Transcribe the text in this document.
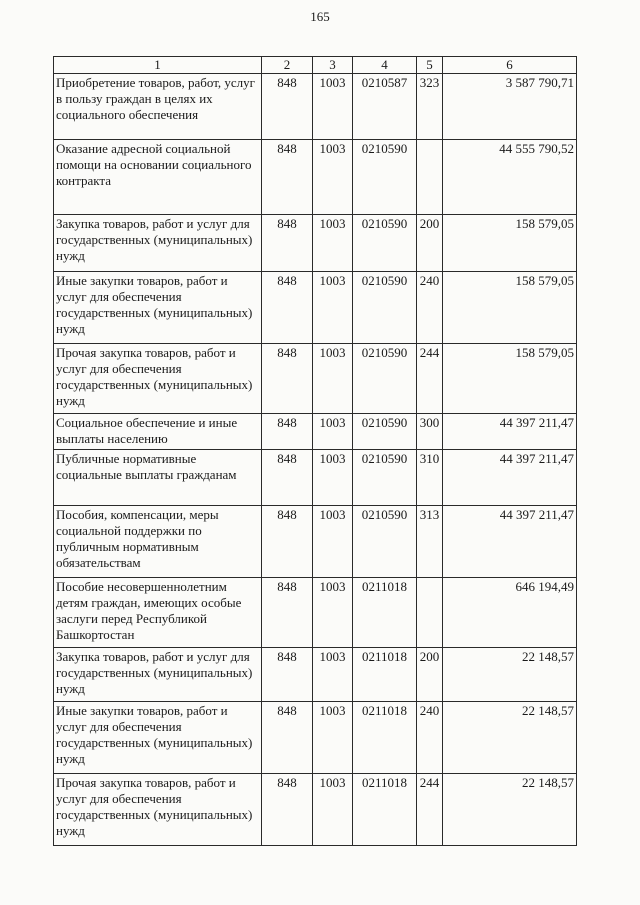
165
1	2	3	4	5	6
Приобретение товаров, работ, услуг в пользу граждан в целях их социального обеспечения	848	1003	0210587	323	3 587 790,71
Оказание адресной социальной помощи на основании социального контракта	848	1003	0210590		44 555 790,52
Закупка товаров, работ и услуг для государственных (муниципальных) нужд	848	1003	0210590	200	158 579,05
Иные закупки товаров, работ и услуг для обеспечения государственных (муниципальных) нужд	848	1003	0210590	240	158 579,05
Прочая закупка товаров, работ и услуг для обеспечения государственных (муниципальных) нужд	848	1003	0210590	244	158 579,05
Социальное обеспечение и иные выплаты населению	848	1003	0210590	300	44 397 211,47
Публичные нормативные социальные выплаты гражданам	848	1003	0210590	310	44 397 211,47
Пособия, компенсации, меры социальной поддержки по публичным нормативным обязательствам	848	1003	0210590	313	44 397 211,47
Пособие несовершеннолетним детям граждан, имеющих особые заслуги перед Республикой Башкортостан	848	1003	0211018		646 194,49
Закупка товаров, работ и услуг для государственных (муниципальных) нужд	848	1003	0211018	200	22 148,57
Иные закупки товаров, работ и услуг для обеспечения государственных (муниципальных) нужд	848	1003	0211018	240	22 148,57
Прочая закупка товаров, работ и услуг для обеспечения государственных (муниципальных) нужд	848	1003	0211018	244	22 148,57
